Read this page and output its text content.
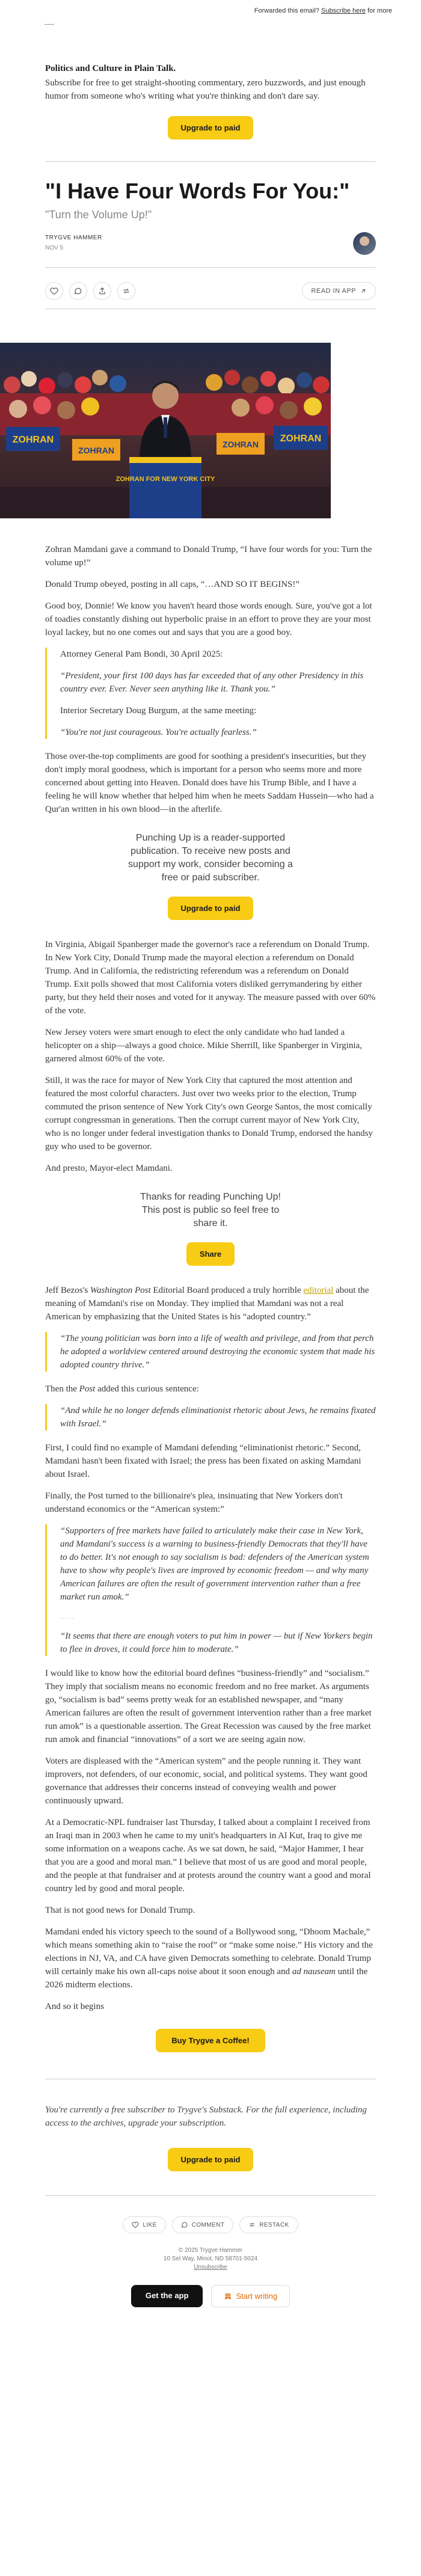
Forwarded this email? Subscribe here for more
Politics and Culture in Plain Talk.

Subscribe for free to get straight-shooting commentary, zero buzzwords, and just enough humor from someone who's writing what you're thinking and don't dare say.

Upgrade to paid
"I Have Four Words For You:"
"Turn the Volume Up!"
TRYGVE HAMMER
NOV 5
READ IN APP
ZOHRAN
ZOHRAN
ZOHRAN
ZOHRAN
ZOHRAN FOR NEW YORK CITY

Zohran Mamdani gave a command to Donald Trump, “I have four words for you: Turn the volume up!”

Donald Trump obeyed, posting in all caps, “…AND SO IT BEGINS!”

Good boy, Donnie! We know you haven't heard those words enough. Sure, you've got a lot of toadies constantly dishing out hyperbolic praise in an effort to prove they are your most loyal lackey, but no one comes out and says that you are a good boy.

Attorney General Pam Bondi, 30 April 2025:

“President, your first 100 days has far exceeded that of any other Presidency in this country ever. Ever. Never seen anything like it. Thank you.”

Interior Secretary Doug Burgum, at the same meeting:

“You're not just courageous. You're actually fearless.”

Those over-the-top compliments are good for soothing a president's insecurities, but they don't imply moral goodness, which is important for a person who seems more and more concerned about getting into Heaven. Donald does have his Trump Bible, and I have a feeling he will know whether that helped him when he meets Saddam Hussein—who had a Qur'an written in his own blood—in the afterlife.

Punching Up is a reader-supported publication. To receive new posts and support my work, consider becoming a free or paid subscriber.
Upgrade to paid

In Virginia, Abigail Spanberger made the governor's race a referendum on Donald Trump. In New York City, Donald Trump made the mayoral election a referendum on Donald Trump. And in California, the redistricting referendum was a referendum on Donald Trump. Exit polls showed that most California voters disliked gerrymandering by either party, but they held their noses and voted for it anyway. The measure passed with over 60% of the vote.

New Jersey voters were smart enough to elect the only candidate who had landed a helicopter on a ship—always a good choice. Mikie Sherrill, like Spanberger in Virginia, garnered almost 60% of the vote.

Still, it was the race for mayor of New York City that captured the most attention and featured the most colorful characters. Just over two weeks prior to the election, Trump commuted the prison sentence of New York City's own George Santos, the most comically corrupt congressman in generations. Then the corrupt current mayor of New York City, who is no longer under federal investigation thanks to Donald Trump, endorsed the handsy guy who used to be governor.

And presto, Mayor-elect Mamdani.

Thanks for reading Punching Up! This post is public so feel free to share it.
Share

Jeff Bezos's Washington Post Editorial Board produced a truly horrible editorial about the meaning of Mamdani's rise on Monday. They implied that Mamdani was not a real American by emphasizing that the United States is his “adopted country.”

“The young politician was born into a life of wealth and privilege, and from that perch he adopted a worldview centered around destroying the economic system that made his adopted country thrive.”

Then the Post added this curious sentence:

“And while he no longer defends eliminationist rhetoric about Jews, he remains fixated with Israel.”

First, I could find no example of Mamdani defending “eliminationist rhetoric.” Second, Mamdani hasn't been fixated with Israel; the press has been fixated on asking Mamdani about Israel.

Finally, the Post turned to the billionaire's plea, insinuating that New Yorkers don't understand economics or the “American system:”

“Supporters of free markets have failed to articulately make their case in New York, and Mamdani's success is a warning to business-friendly Democrats that they'll have to do better. It's not enough to say socialism is bad: defenders of the American system have to show why people's lives are improved by economic freedom — and why many American failures are often the result of government intervention rather than a free market run amok.”

.....

“It seems that there are enough voters to put him in power — but if New Yorkers begin to flee in droves, it could force him to moderate.”

I would like to know how the editorial board defines “business-friendly” and “socialism.” They imply that socialism means no economic freedom and no free market. As arguments go, “socialism is bad” seems pretty weak for an established newspaper, and “many American failures are often the result of government intervention rather than a free market run amok” is a questionable assertion. The Great Recession was caused by the free market run amok and financial “innovations” of a sort we are seeing again now.

Voters are displeased with the “American system” and the people running it. They want improvers, not defenders, of our economic, social, and political systems. They want good governance that addresses their concerns instead of conveying wealth and power continuously upward.

At a Democratic-NPL fundraiser last Thursday, I talked about a complaint I received from an Iraqi man in 2003 when he came to my unit's headquarters in Al Kut, Iraq to give me some information on a weapons cache. As we sat down, he said, “Major Hammer, I hear that you are a good and moral man.” I believe that most of us are good and moral people, and the people at that fundraiser and at protests around the country want a good and moral country led by good and moral people.

That is not good news for Donald Trump.

Mamdani ended his victory speech to the sound of a Bollywood song, “Dhoom Machale,” which means something akin to “raise the roof” or “make some noise.” His victory and the elections in NJ, VA, and CA have given Democrats something to celebrate. Donald Trump will certainly make his own all-caps noise about it soon enough and ad nauseam until the 2026 midterm elections.

And so it begins

Buy Trygve a Coffee!

You're currently a free subscriber to Trygve's Substack. For the full experience, including access to the archives, upgrade your subscription.

Upgrade to paid
LIKE	COMMENT	RESTACK
© 2025 Trygve Hammer
10 Sel Way, Minot, ND 58701-5024
Unsubscribe
Get the app	Start writing
